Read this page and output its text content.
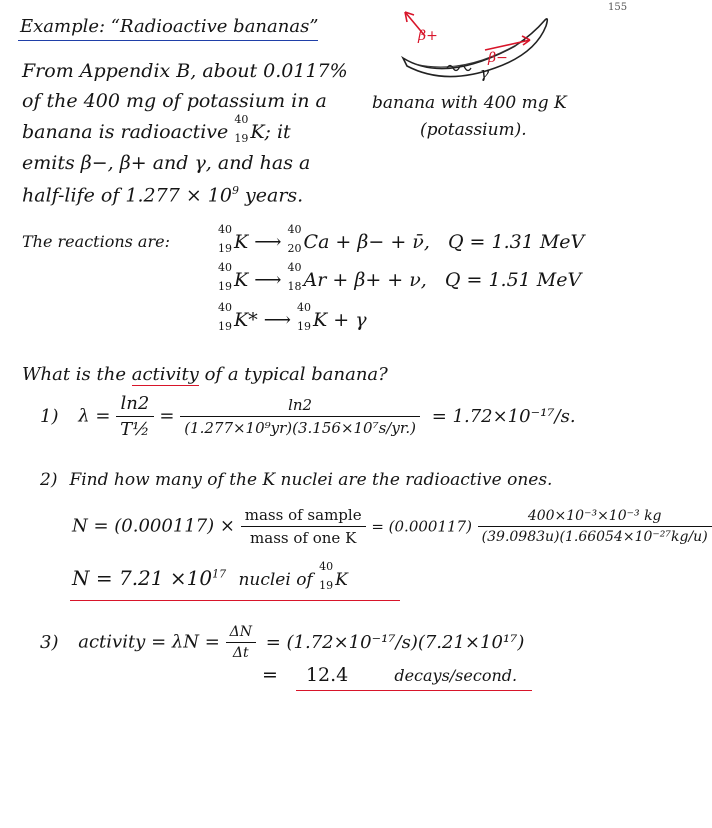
155
Example: “Radioactive bananas”	β+
β−
γ
banana with 400 mg K
(potassium).
From Appendix B, about 0.0117%
of the 400 mg of potassium in a
banana is radioactive
40
19 K; it
emits β−, β+ and γ, and has a
half-life of $1.277 \times 10^9$ years.
The reactions are:
40
19 K ⟶
40
20 Ca + β− + ν̄, Q = 1.31 MeV
40
19 K ⟶
40
18 Ar + β+ + ν, Q = 1.51 MeV
40
19 K* ⟶
40
19 K + γ
What is the activity of a typical banana?
1) $\lambda = \frac{\ln 2}{\text{T½}} = \frac{\ln 2}{\text{(1.277×10⁹yr)(3.156×10⁷s/yr.)}} = 1.72\times 10^{-17}/s$.
2) Find how many of the K nuclei are the radioactive ones.
$N = (0.000117) \times \frac{\text{mass of sample}}{\text{mass of one K}} = (0.000117) \frac{\text{400×10⁻³×10⁻³ kg}}{\text{(39.0983u)(1.66054×10⁻²⁷kg/u)}}$
$N = 7.21 \times 10^{17}$ nuclei of
40
19 K
3) activity = $\lambda N = \frac{\Delta N}{\Delta t} = (1.72\times 10^{-17}/s)(7.21\times 10^{17})$
= 12.4	decays/second.
